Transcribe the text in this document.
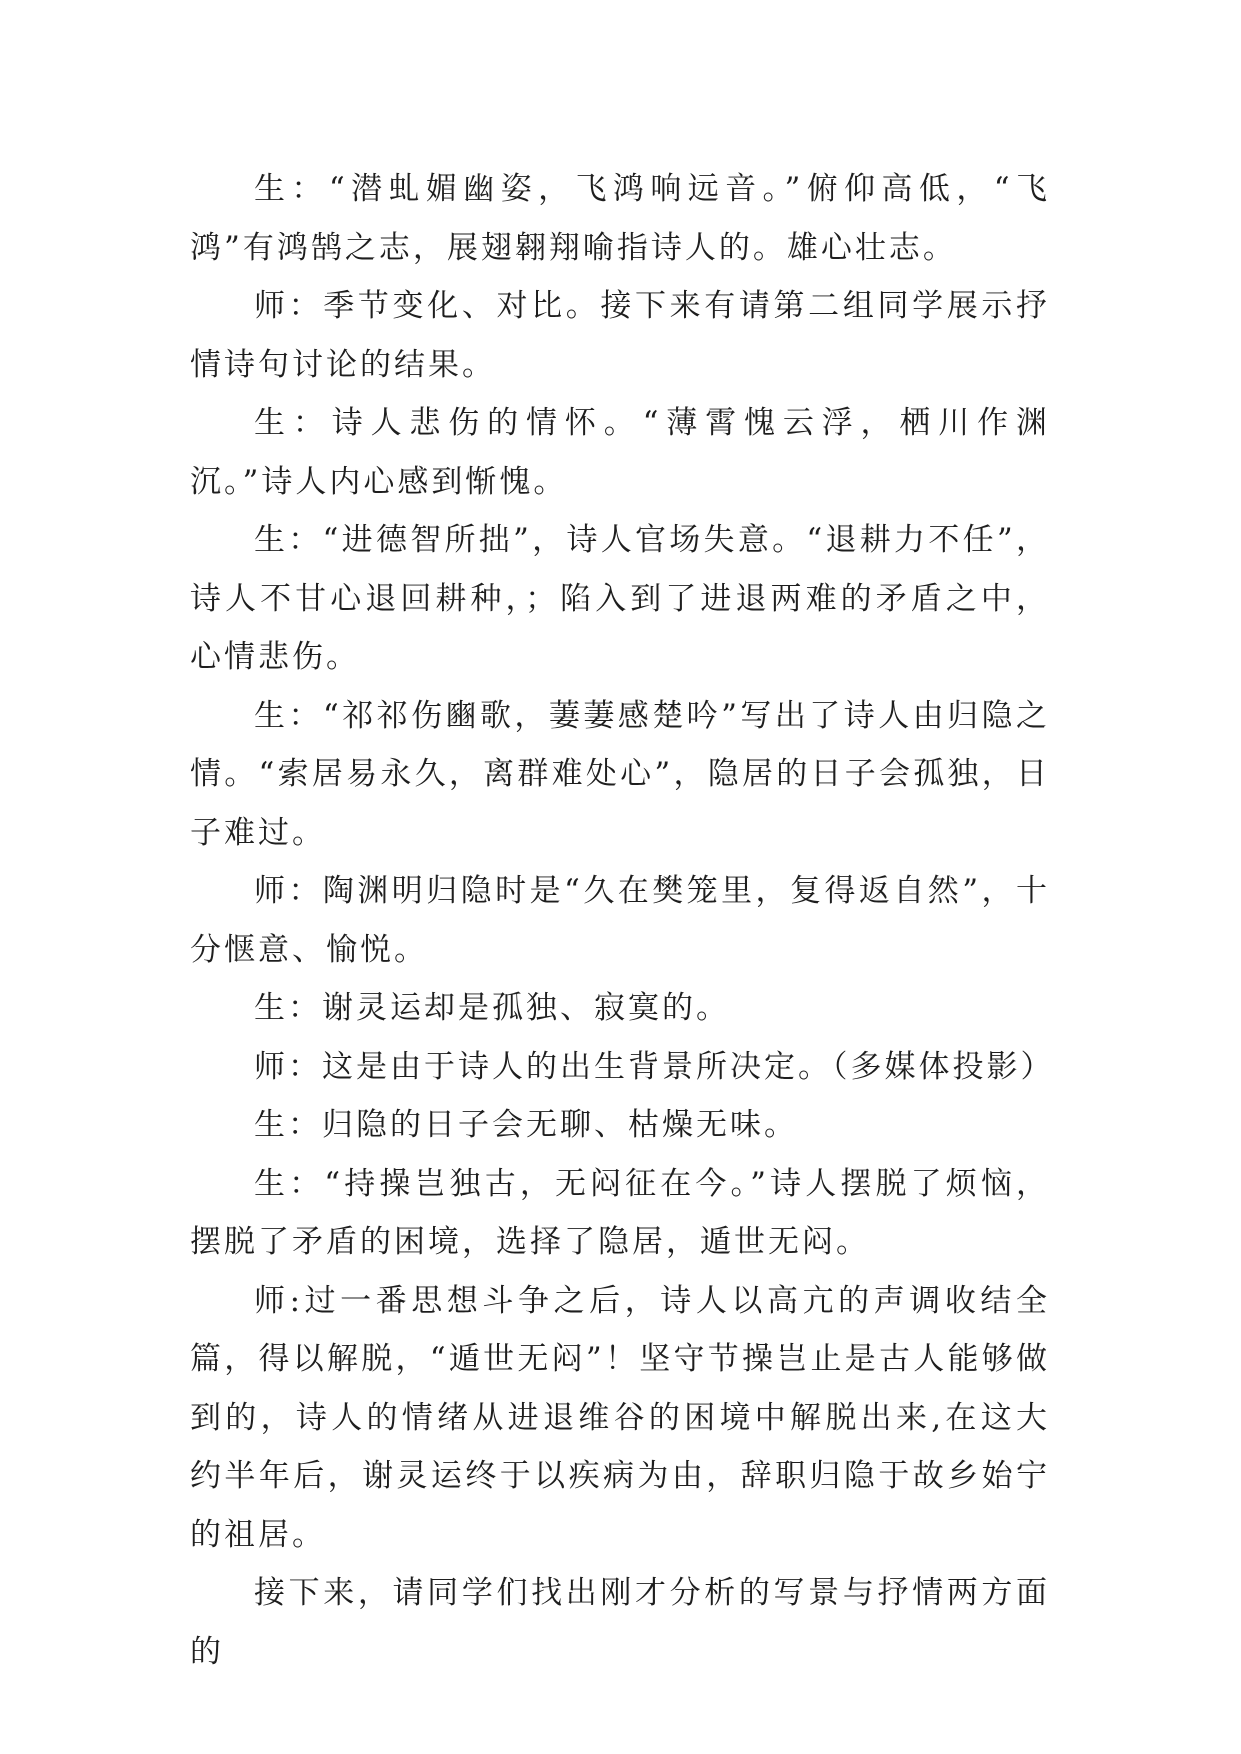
生：“潜虬媚幽姿，飞鸿响远音。”俯仰高低，“飞鸿”有鸿鹄之志，展翅翱翔喻指诗人的。雄心壮志。

师：季节变化、对比。接下来有请第二组同学展示抒情诗句讨论的结果。

生：诗人悲伤的情怀。“薄霄愧云浮，栖川作渊沉。”诗人内心感到惭愧。

生：“进德智所拙”，诗人官场失意。“退耕力不任”，诗人不甘心退回耕种，；陷入到了进退两难的矛盾之中，心情悲伤。

生：“祁祁伤豳歌，萋萋感楚吟”写出了诗人由归隐之情。“索居易永久，离群难处心”，隐居的日子会孤独，日子难过。

师：陶渊明归隐时是“久在樊笼里，复得返自然”，十分惬意、愉悦。

生：谢灵运却是孤独、寂寞的。

师：这是由于诗人的出生背景所决定。（多媒体投影）

生：归隐的日子会无聊、枯燥无味。

生：“持操岂独古，无闷征在今。”诗人摆脱了烦恼，摆脱了矛盾的困境，选择了隐居，遁世无闷。

师:过一番思想斗争之后，诗人以高亢的声调收结全篇，得以解脱，“遁世无闷”！坚守节操岂止是古人能够做到的，诗人的情绪从进退维谷的困境中解脱出来,在这大约半年后，谢灵运终于以疾病为由，辞职归隐于故乡始宁的祖居。

接下来，请同学们找出刚才分析的写景与抒情两方面的
